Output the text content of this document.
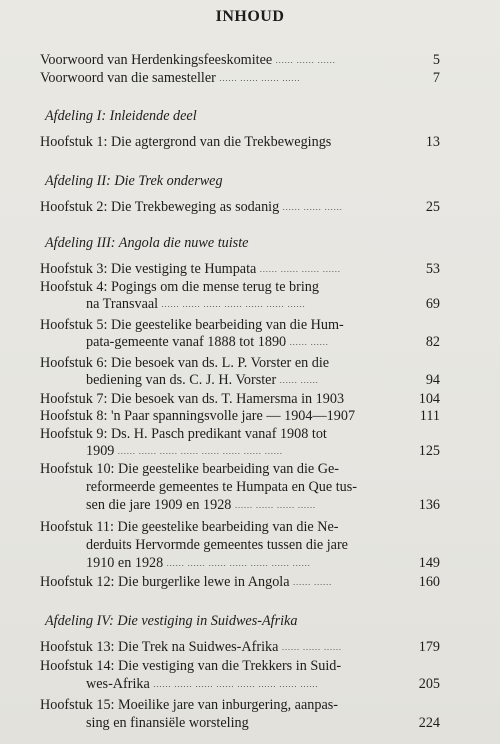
INHOUD
Voorwoord van Herdenkingsfeeskomitee ...... ...... ......	5
Voorwoord van die samesteller ...... ...... ...... ......	7
Afdeling I: Inleidende deel
Hoofstuk 1: Die agtergrond van die Trekbewegings	13
Afdeling II: Die Trek onderweg
Hoofstuk 2: Die Trekbeweging as sodanig ...... ...... ......	25
Afdeling III: Angola die nuwe tuiste
Hoofstuk 3: Die vestiging te Humpata ...... ...... ...... ......	53
Hoofstuk 4: Pogings om die mense terug te bring
na Transvaal ...... ...... ...... ...... ...... ...... ......	69
Hoofstuk 5: Die geestelike bearbeiding van die Hum-
pata-gemeente vanaf 1888 tot 1890 ...... ......	82
Hoofstuk 6: Die besoek van ds. L. P. Vorster en die
bediening van ds. C. J. H. Vorster ...... ......	94
Hoofstuk 7: Die besoek van ds. T. Hamersma in 1903	104
Hoofstuk 8: 'n Paar spanningsvolle jare — 1904—1907	111
Hoofstuk 9: Ds. H. Pasch predikant vanaf 1908 tot
1909 ...... ...... ...... ...... ...... ...... ...... ......	125
Hoofstuk 10: Die geestelike bearbeiding van die Ge-
reformeerde gemeentes te Humpata en Que tus-
sen die jare 1909 en 1928 ...... ...... ...... ......	136
Hoofstuk 11: Die geestelike bearbeiding van die Ne-
derduits Hervormde gemeentes tussen die jare
1910 en 1928 ...... ...... ...... ...... ...... ...... ......	149
Hoofstuk 12: Die burgerlike lewe in Angola ...... ......	160
Afdeling IV: Die vestiging in Suidwes-Afrika
Hoofstuk 13: Die Trek na Suidwes-Afrika ...... ...... ......	179
Hoofstuk 14: Die vestiging van die Trekkers in Suid-
wes-Afrika ...... ...... ...... ...... ...... ...... ...... ......	205
Hoofstuk 15: Moeilike jare van inburgering, aanpas-
sing en finansiële worsteling	224
